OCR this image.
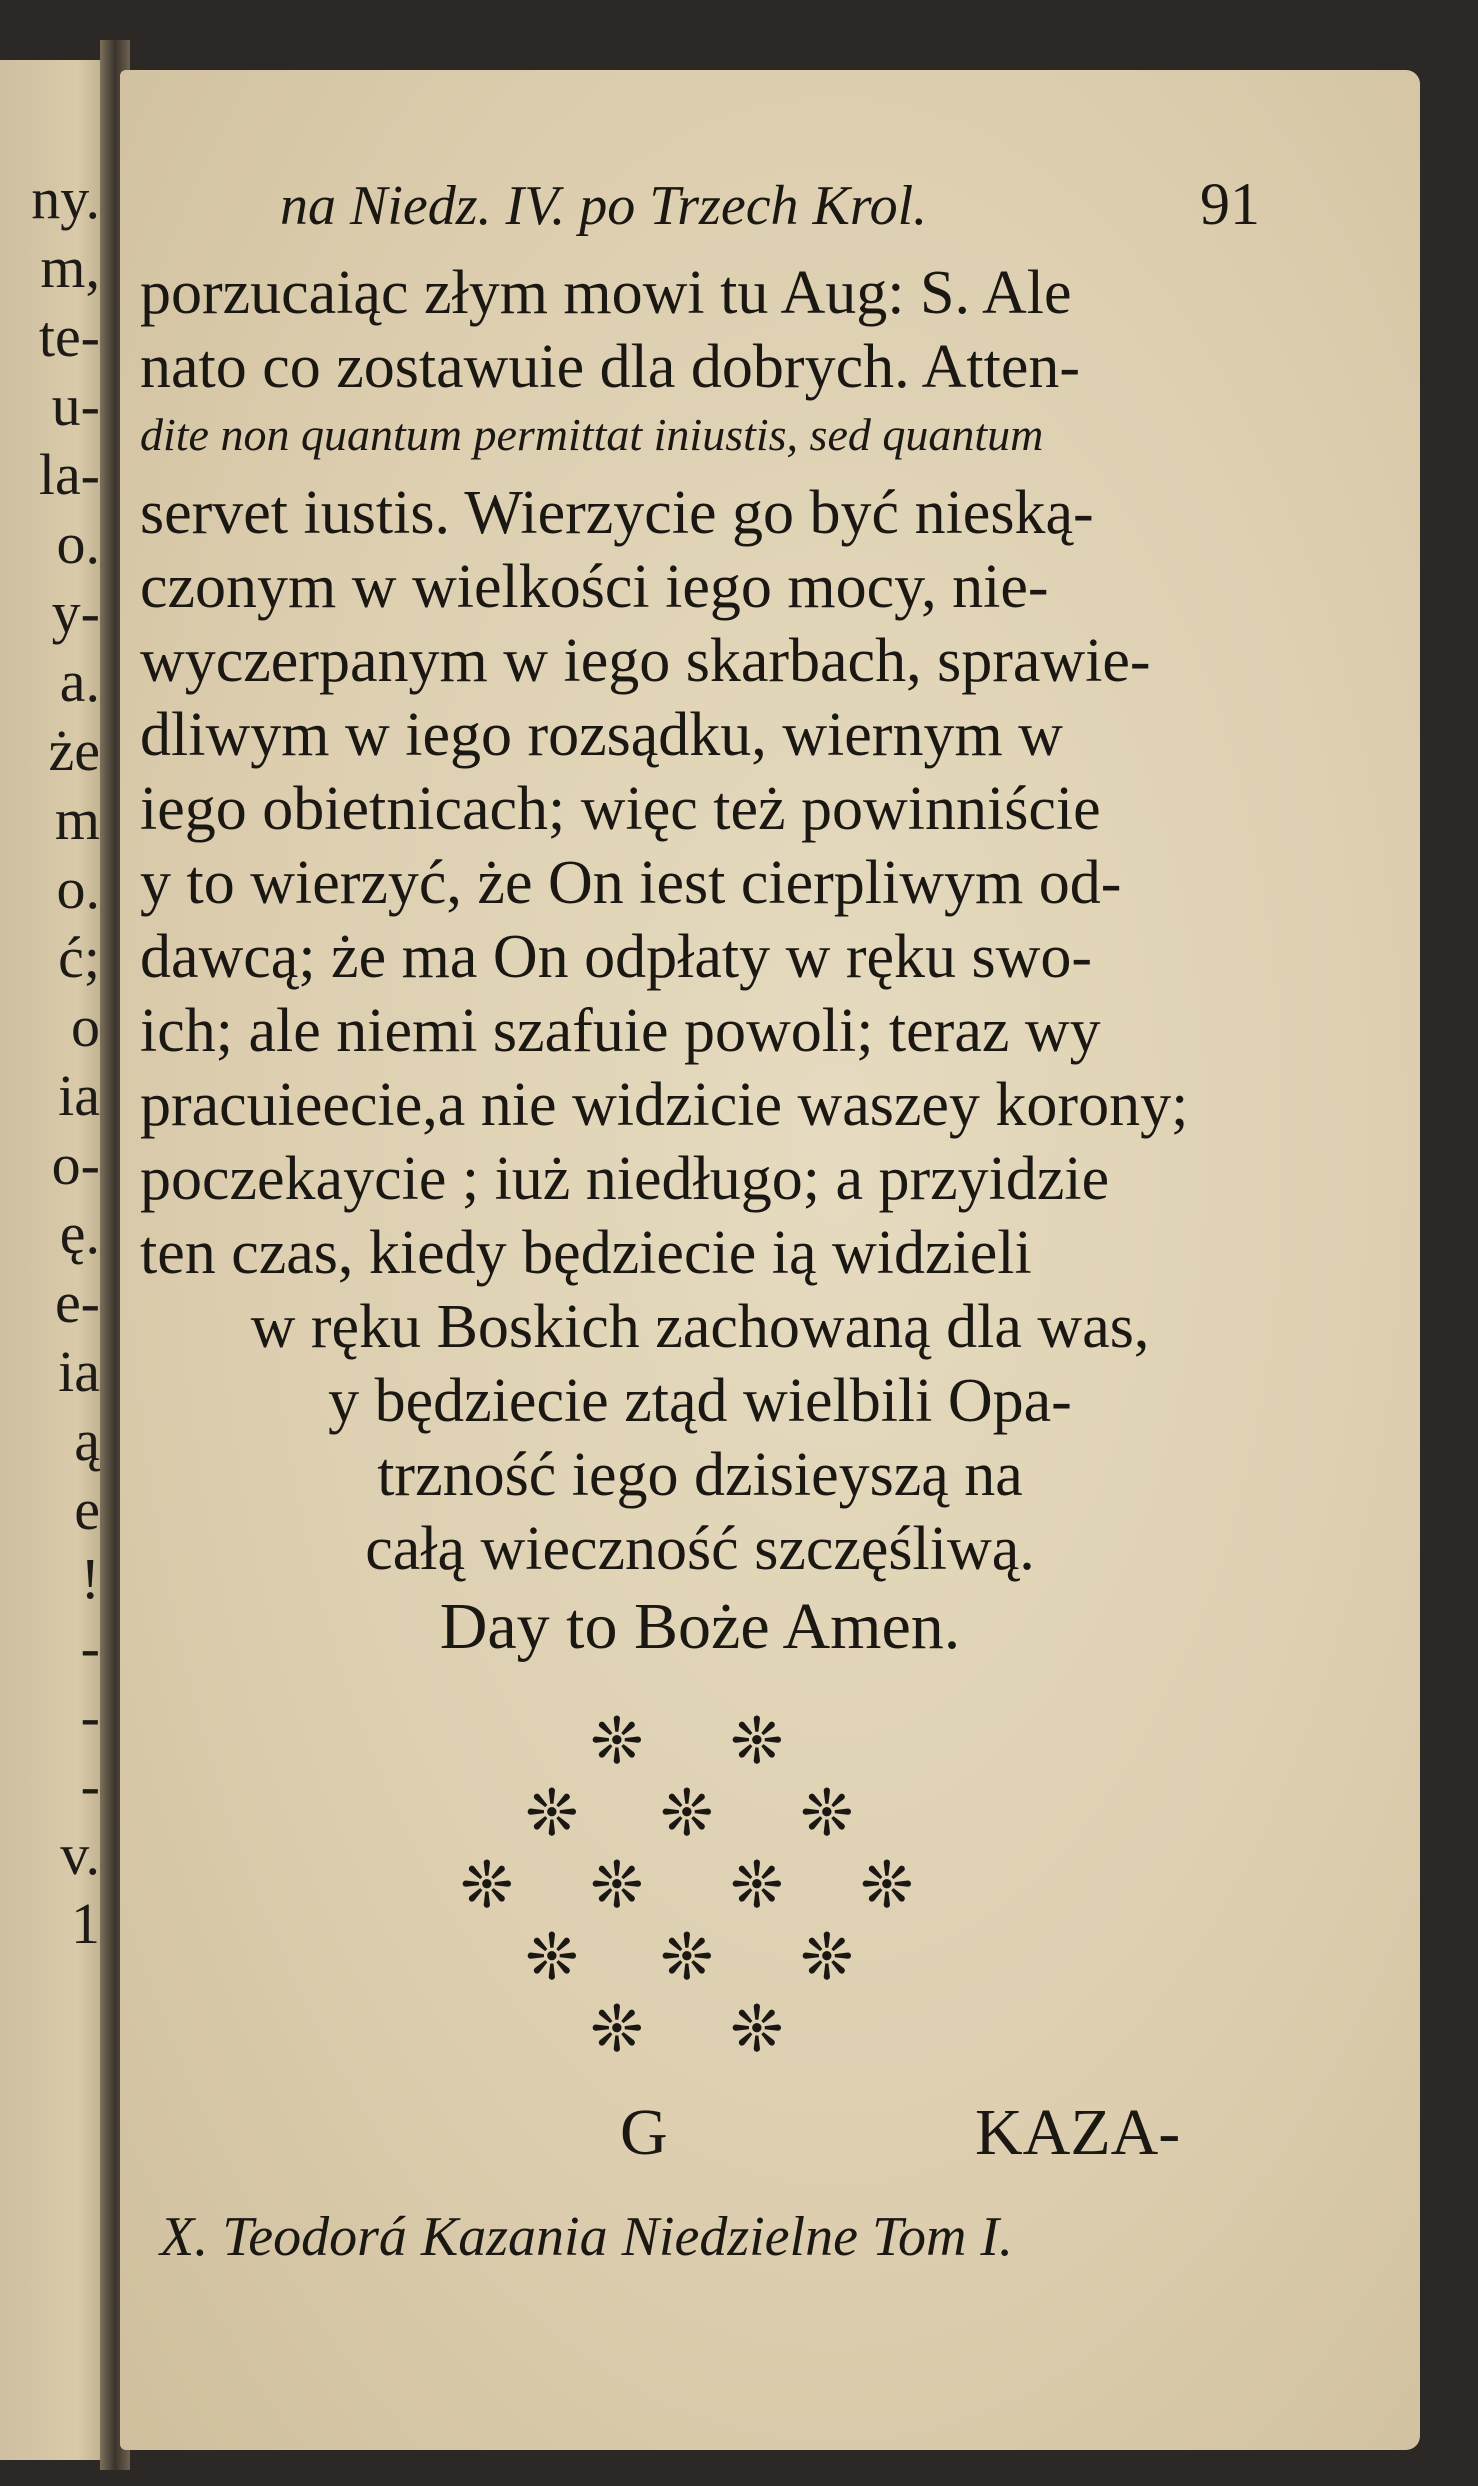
ny.
m,
te-
u-
la-
o.
y-
a.
że
m
o.
ć;
o
ia
o-
ę.
e-
ia
ą
e
!
-
-
-
v.
1
na Niedz. IV. po Trzech Krol.	91
porzucaiąc złym mowi tu Aug: S. Ale
nato co zostawuie dla dobrych. Atten-
dite non quantum permittat iniustis, sed quantum
servet iustis. Wierzycie go być nieską-
czonym w wielkości iego mocy, nie-
wyczerpanym w iego skarbach, sprawie-
dliwym w iego rozsądku, wiernym w
iego obietnicach; więc też powinniście
y to wierzyć, że On iest cierpliwym od-
dawcą; że ma On odpłaty w ręku swo-
ich; ale niemi szafuie powoli; teraz wy
pracuieecie,a nie widzicie waszey korony;
poczekaycie ; iuż niedługo; a przyidzie
ten czas, kiedy będziecie ią widzieli
w ręku Boskich zachowaną dla was,
y będziecie ztąd wielbili Opa-
trzność iego dzisieyszą na
całą wieczność szczęśliwą.
Day to Boże Amen.
❊ ❊
❊ ❊ ❊
❊ ❊ ❊ ❊
❊ ❊ ❊
❊ ❊
G	KAZA-
X. Teodorá Kazania Niedzielne Tom I.
